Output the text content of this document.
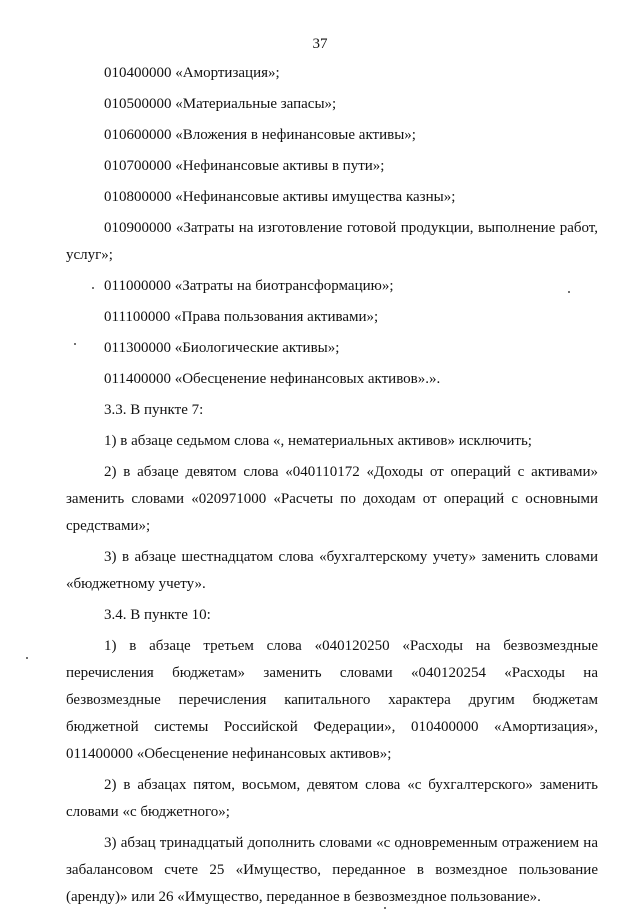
37

010400000 «Амортизация»;

010500000 «Материальные запасы»;

010600000 «Вложения в нефинансовые активы»;

010700000 «Нефинансовые активы в пути»;

010800000 «Нефинансовые активы имущества казны»;

010900000 «Затраты на изготовление готовой продукции, выполнение работ, услуг»;

011000000 «Затраты на биотрансформацию»;

011100000 «Права пользования активами»;

011300000 «Биологические активы»;

011400000 «Обесценение нефинансовых активов».».

3.3. В пункте 7:

1) в абзаце седьмом слова «, нематериальных активов» исключить;

2) в абзаце девятом слова «040110172 «Доходы от операций с активами» заменить словами «020971000 «Расчеты по доходам от операций с основными средствами»;

3) в абзаце шестнадцатом слова «бухгалтерскому учету» заменить словами «бюджетному учету».

3.4. В пункте 10:

1) в абзаце третьем слова «040120250 «Расходы на безвозмездные перечисления бюджетам» заменить словами «040120254 «Расходы на безвозмездные перечисления капитального характера другим бюджетам бюджетной системы Российской Федерации», 010400000 «Амортизация», 011400000 «Обесценение нефинансовых активов»;

2) в абзацах пятом, восьмом, девятом слова «с бухгалтерского» заменить словами «с бюджетного»;

3) абзац тринадцатый дополнить словами «с одновременным отражением на забалансовом счете 25 «Имущество, переданное в возмездное пользование (аренду)» или 26 «Имущество, переданное в безвозмездное пользование».
